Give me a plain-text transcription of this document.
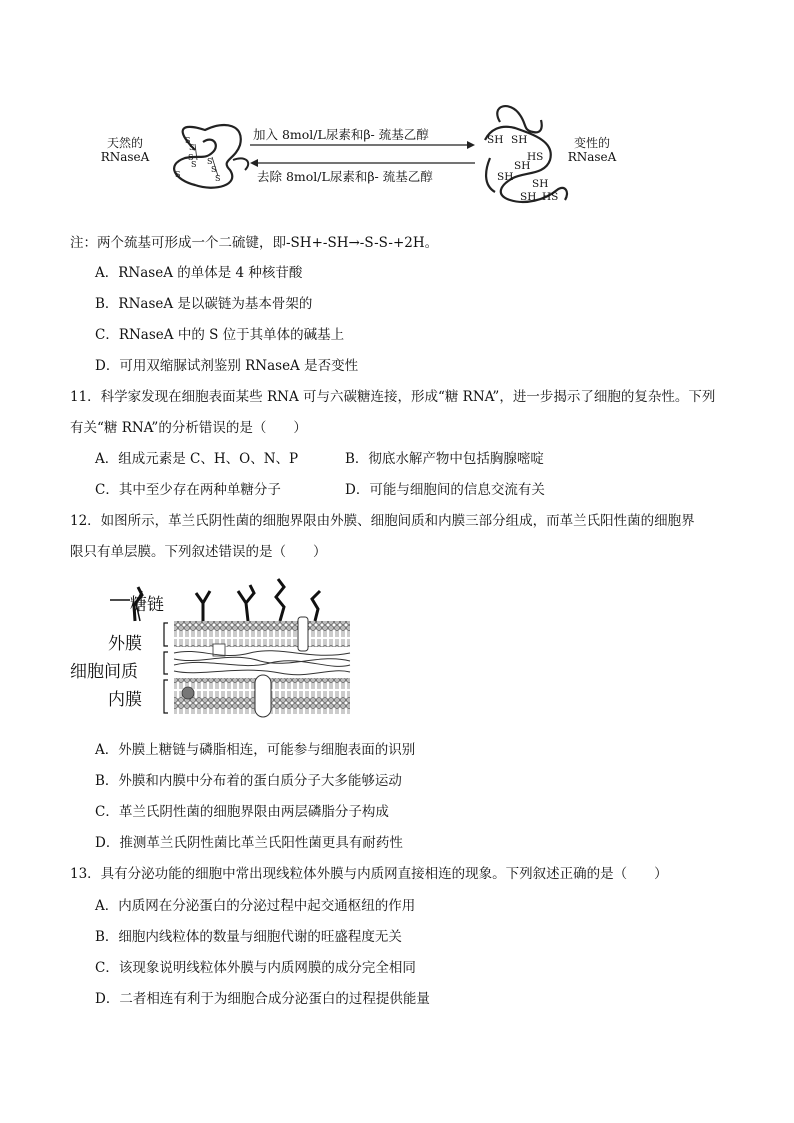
天然的
RNaseA
S
S
S
S S
S
S
S
加入 8mol/L尿素和β- 巯基乙醇
去除 8mol/L尿素和β- 巯基乙醇
SH SH
HS
SH
SH
SH
SH HS
变性的
RNaseA
注：两个巯基可形成一个二硫键，即-SH+-SH→-S-S-+2H。
A．RNaseA 的单体是 4 种核苷酸
B．RNaseA 是以碳链为基本骨架的
C．RNaseA 中的 S 位于其单体的碱基上
D．可用双缩脲试剂鉴别 RNaseA 是否变性
11．科学家发现在细胞表面某些 RNA 可与六碳糖连接，形成“糖 RNA”，进一步揭示了细胞的复杂性。下列
有关“糖 RNA”的分析错误的是（　　）
A．组成元素是 C、H、O、N、P	B．彻底水解产物中包括胸腺嘧啶
C．其中至少存在两种单糖分子	D．可能与细胞间的信息交流有关
12．如图所示，革兰氏阴性菌的细胞界限由外膜、细胞间质和内膜三部分组成，而革兰氏阳性菌的细胞界
限只有单层膜。下列叙述错误的是（　　）
糖链
外膜
细胞间质
内膜
A．外膜上糖链与磷脂相连，可能参与细胞表面的识别
B．外膜和内膜中分布着的蛋白质分子大多能够运动
C．革兰氏阴性菌的细胞界限由两层磷脂分子构成
D．推测革兰氏阴性菌比革兰氏阳性菌更具有耐药性
13．具有分泌功能的细胞中常出现线粒体外膜与内质网直接相连的现象。下列叙述正确的是（　　）
A．内质网在分泌蛋白的分泌过程中起交通枢纽的作用
B．细胞内线粒体的数量与细胞代谢的旺盛程度无关
C．该现象说明线粒体外膜与内质网膜的成分完全相同
D．二者相连有利于为细胞合成分泌蛋白的过程提供能量
